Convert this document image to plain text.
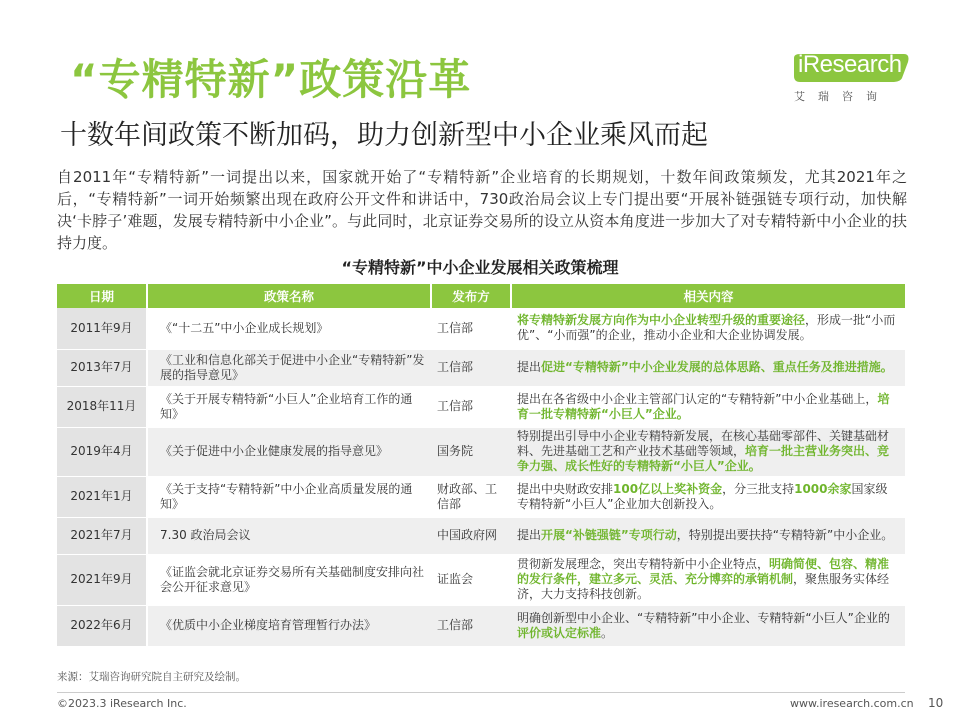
“专精特新”政策沿革	iResearch
艾瑞咨询
十数年间政策不断加码，助力创新型中小企业乘风而起

自2011年“专精特新”一词提出以来，国家就开始了“专精特新”企业培育的长期规划，十数年间政策频发，尤其2021年之后，“专精特新”一词开始频繁出现在政府公开文件和讲话中，730政治局会议上专门提出要“开展补链强链专项行动，加快解决‘卡脖子’难题，发展专精特新中小企业”。与此同时，北京证券交易所的设立从资本角度进一步加大了对专精特新中小企业的扶持力度。

“专精特新”中小企业发展相关政策梳理
日期	政策名称	发布方	相关内容
2011年9月	《“十二五”中小企业成长规划》	工信部	将专精特新发展方向作为中小企业转型升级的重要途径，形成一批“小而优”、“小而强”的企业，推动小企业和大企业协调发展。
2013年7月	《工业和信息化部关于促进中小企业“专精特新”发展的指导意见》	工信部	提出促进“专精特新”中小企业发展的总体思路、重点任务及推进措施。
2018年11月	《关于开展专精特新“小巨人”企业培育工作的通知》	工信部	提出在各省级中小企业主管部门认定的“专精特新”中小企业基础上，培育一批专精特新“小巨人”企业。
2019年4月	《关于促进中小企业健康发展的指导意见》	国务院	特别提出引导中小企业专精特新发展，在核心基础零部件、关键基础材料、先进基础工艺和产业技术基础等领域，培育一批主营业务突出、竞争力强、成长性好的专精特新“小巨人”企业。
2021年1月	《关于支持“专精特新”中小企业高质量发展的通知》	财政部、工信部	提出中央财政安排100亿以上奖补资金，分三批支持1000余家国家级专精特新“小巨人”企业加大创新投入。
2021年7月	7.30 政治局会议	中国政府网	提出开展“补链强链”专项行动，特别提出要扶持“专精特新”中小企业。
2021年9月	《证监会就北京证券交易所有关基础制度安排向社会公开征求意见》	证监会	贯彻新发展理念，突出专精特新中小企业特点，明确简便、包容、精准的发行条件，建立多元、灵活、充分博弈的承销机制，聚焦服务实体经济，大力支持科技创新。
2022年6月	《优质中小企业梯度培育管理暂行办法》	工信部	明确创新型中小企业、“专精特新”中小企业、专精特新“小巨人”企业的评价或认定标准。
来源：艾瑞咨询研究院自主研究及绘制。
©2023.3 iResearch Inc.	www.iresearch.com.cn 10
